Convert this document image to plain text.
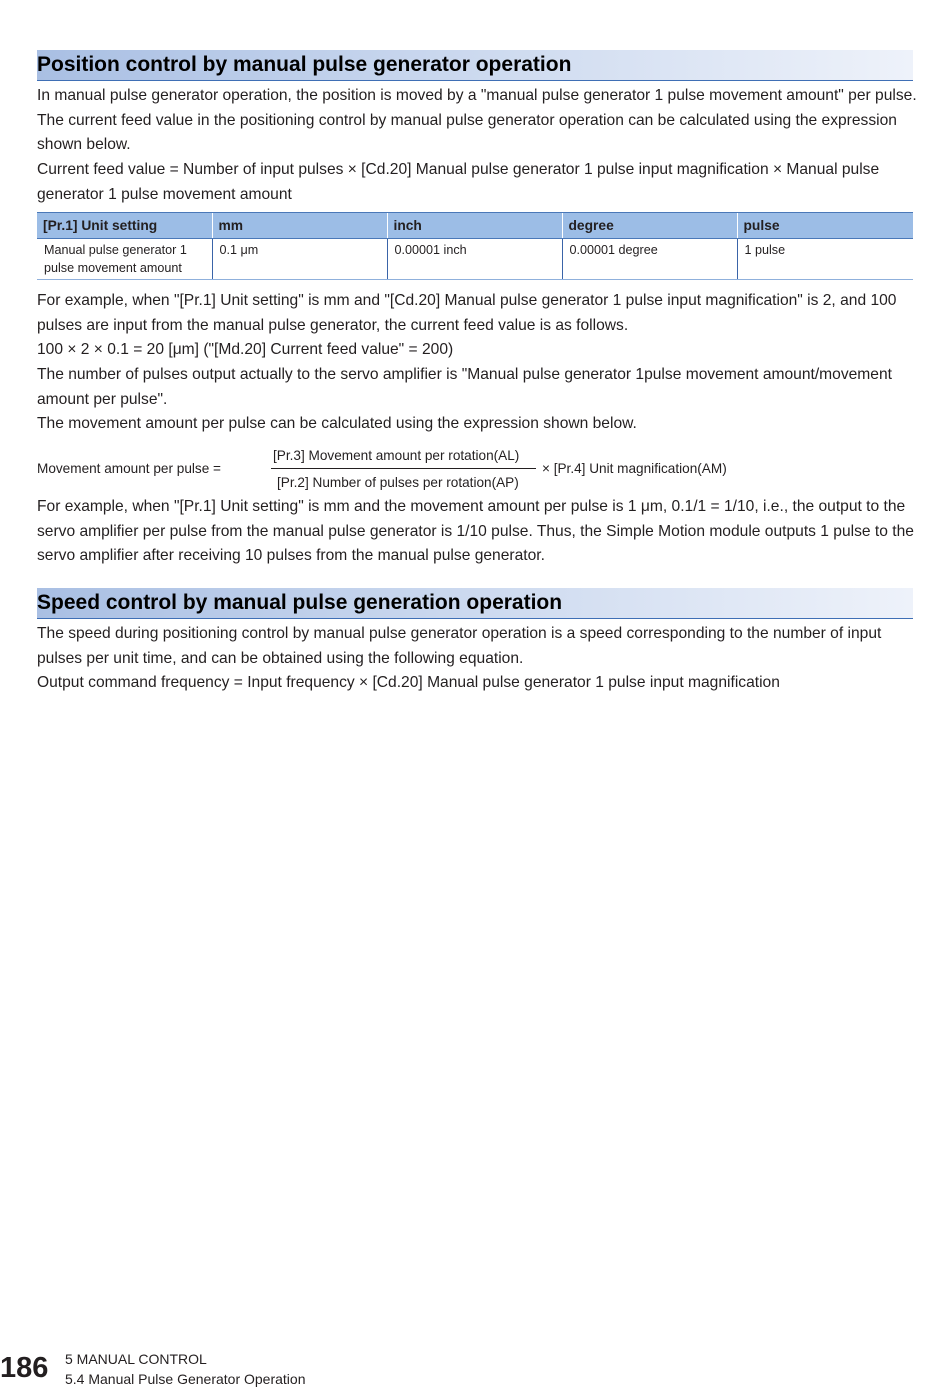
Position control by manual pulse generator operation

In manual pulse generator operation, the position is moved by a "manual pulse generator 1 pulse movement amount" per pulse. The current feed value in the positioning control by manual pulse generator operation can be calculated using the expression shown below.

Current feed value = Number of input pulses × [Cd.20] Manual pulse generator 1 pulse input magnification × Manual pulse generator 1 pulse movement amount

[Pr.1] Unit setting	mm	inch	degree	pulse
Manual pulse generator 1 pulse movement amount	0.1 μm	0.00001 inch	0.00001 degree	1 pulse

For example, when "[Pr.1] Unit setting" is mm and "[Cd.20] Manual pulse generator 1 pulse input magnification" is 2, and 100 pulses are input from the manual pulse generator, the current feed value is as follows.

100 × 2 × 0.1 = 20 [μm] ("[Md.20] Current feed value" = 200)

The number of pulses output actually to the servo amplifier is "Manual pulse generator 1pulse movement amount/movement amount per pulse".

The movement amount per pulse can be calculated using the expression shown below.

Movement amount per pulse =
[Pr.3] Movement amount per rotation(AL)
[Pr.2] Number of pulses per rotation(AP)
× [Pr.4] Unit magnification(AM)

For example, when "[Pr.1] Unit setting" is mm and the movement amount per pulse is 1 μm, 0.1/1 = 1/10, i.e., the output to the servo amplifier per pulse from the manual pulse generator is 1/10 pulse. Thus, the Simple Motion module outputs 1 pulse to the servo amplifier after receiving 10 pulses from the manual pulse generator.

Speed control by manual pulse generation operation

The speed during positioning control by manual pulse generator operation is a speed corresponding to the number of input pulses per unit time, and can be obtained using the following equation.

Output command frequency = Input frequency × [Cd.20] Manual pulse generator 1 pulse input magnification

186 5 MANUAL CONTROL
5.4 Manual Pulse Generator Operation
